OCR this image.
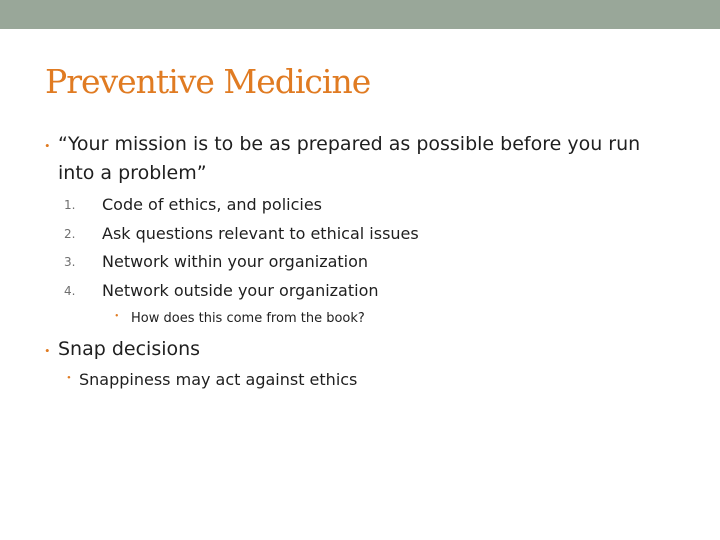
Preventive Medicine
• “Your mission is to be as prepared as possible before you run
into a problem”
1.	Code of ethics, and policies
2.	Ask questions relevant to ethical issues
3.	Network within your organization
4.	Network outside your organization
• How does this come from the book?
• Snap decisions
• Snappiness may act against ethics
